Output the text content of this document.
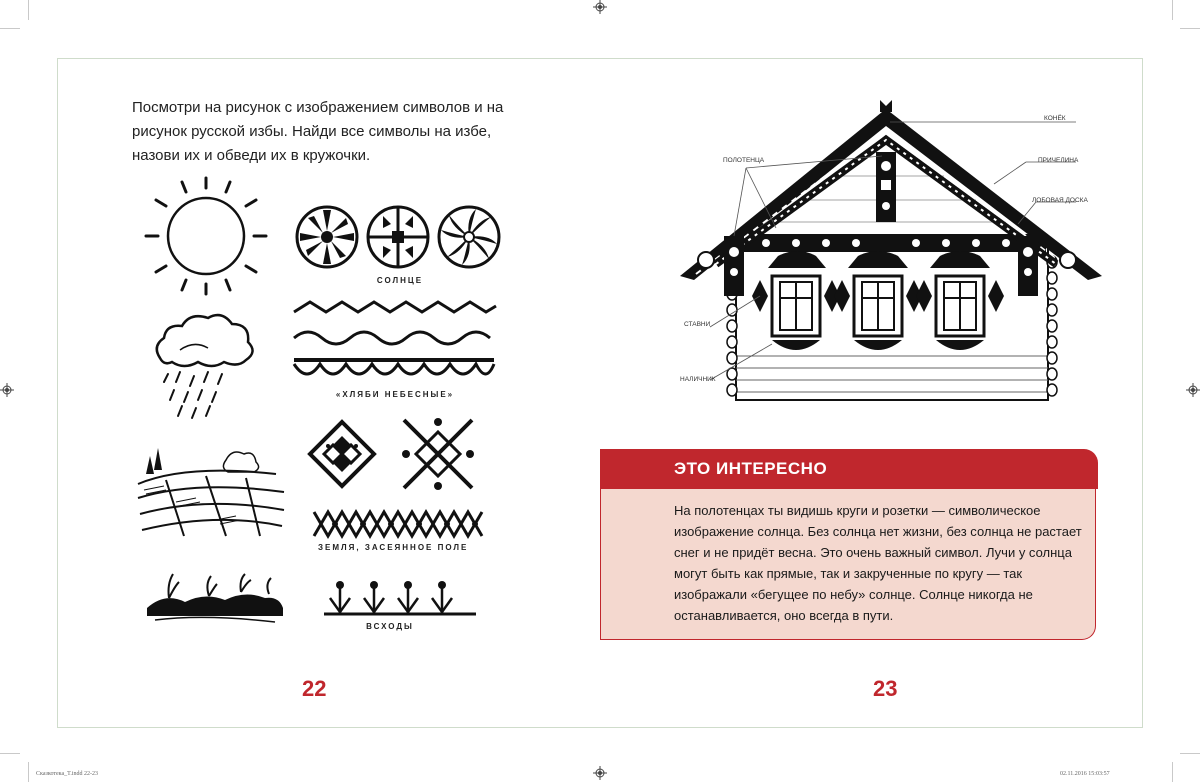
Посмотри на рисунок с изображением символов и на рисунок русской избы. Найди все символы на избе, назови их и обведи их в кружочки.
СОЛНЦЕ
«ХЛЯБИ НЕБЕСНЫЕ»
ЗЕМЛЯ, ЗАСЕЯННОЕ ПОЛЕ
ВСХОДЫ
22
КОНЁК
ПОЛОТЕНЦА	ПРИЧЕЛИНА
ЛОБОВАЯ ДОСКА
СТАВНИ
НАЛИЧНИК
ЭТО ИНТЕРЕСНО
На полотенцах ты видишь круги и розетки — символическое изображение солнца. Без солнца нет жизни, без солнца не растает снег и не придёт весна. Это очень важный символ. Лучи у солнца могут быть как прямые, так и закрученные по кругу — так изображали «бегущее по небу» солнце. Солнце никогда не останавливается, оно всегда в пути.
23
Сказкотека_T.indd 22-23	02.11.2016 15:03:57
